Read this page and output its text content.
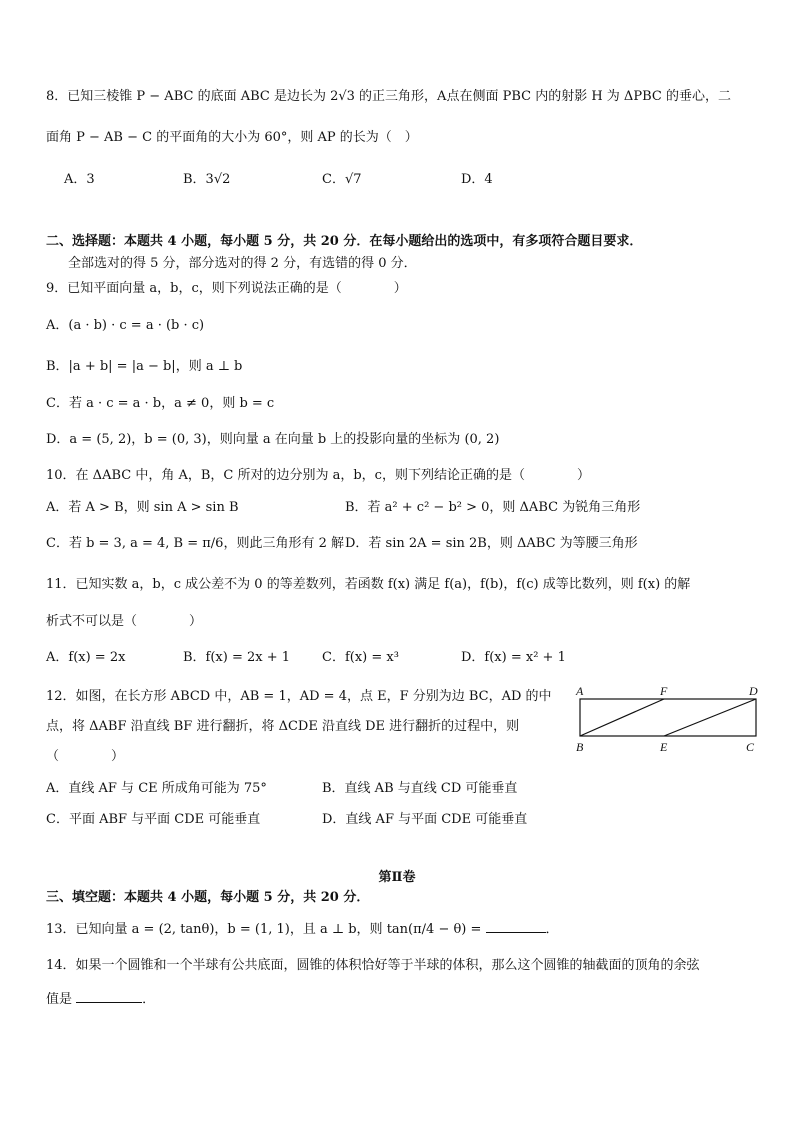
8．已知三棱锥 P − ABC 的底面 ABC 是边长为 2√3 的正三角形，A点在侧面 PBC 内的射影 H 为 ΔPBC 的垂心，二
面角 P − AB − C 的平面角的大小为 60°，则 AP 的长为（　）
A．3	B．3√2	C．√7	D．4
二、选择题：本题共 4 小题，每小题 5 分，共 20 分．在每小题给出的选项中，有多项符合题目要求．
全部选对的得 5 分，部分选对的得 2 分，有选错的得 0 分．
9．已知平面向量 a，b，c，则下列说法正确的是（　　　　）
A．(a · b) · c = a · (b · c)
B．|a + b| = |a − b|，则 a ⊥ b
C．若 a · c = a · b，a ≠ 0，则 b = c
D．a = (5, 2)，b = (0, 3)，则向量 a 在向量 b 上的投影向量的坐标为 (0, 2)
10．在 ΔABC 中，角 A，B，C 所对的边分别为 a，b，c，则下列结论正确的是（　　　　）
A．若 A > B，则 sin A > sin B	B．若 a² + c² − b² > 0，则 ΔABC 为锐角三角形
C．若 b = 3, a = 4, B = π/6，则此三角形有 2 解 D．若 sin 2A = sin 2B，则 ΔABC 为等腰三角形
11．已知实数 a，b，c 成公差不为 0 的等差数列，若函数 f(x) 满足 f(a)，f(b)，f(c) 成等比数列，则 f(x) 的解
析式不可以是（　　　　）
A．f(x) = 2x	B．f(x) = 2x + 1 C．f(x) = x³	D．f(x) = x² + 1
12．如图，在长方形 ABCD 中，AB = 1，AD = 4，点 E，F 分别为边 BC，AD 的中
点，将 ΔABF 沿直线 BF 进行翻折，将 ΔCDE 沿直线 DE 进行翻折的过程中，则
（　　　　）
A	F	D
B	E	C
A．直线 AF 与 CE 所成角可能为 75°	B．直线 AB 与直线 CD 可能垂直
C．平面 ABF 与平面 CDE 可能垂直	D．直线 AF 与平面 CDE 可能垂直
第Ⅱ卷
三、填空题：本题共 4 小题，每小题 5 分，共 20 分．
13．已知向量 a = (2, tanθ)，b = (1, 1)，且 a ⊥ b，则 tan(π/4 − θ) =	．
14．如果一个圆锥和一个半球有公共底面，圆锥的体积恰好等于半球的体积，那么这个圆锥的轴截面的顶角的余弦
值是	．
